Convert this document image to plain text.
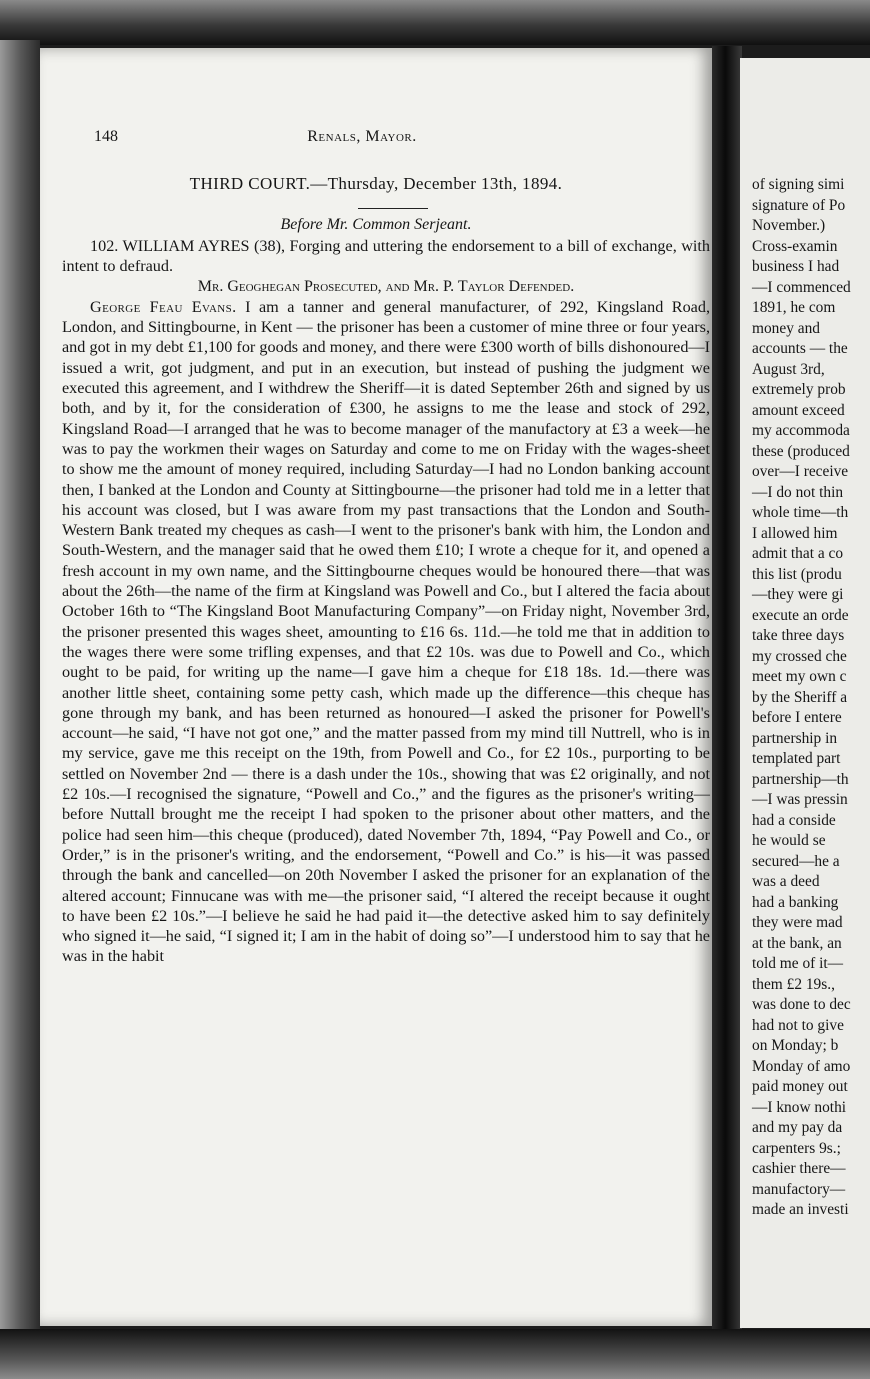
148	Renals, Mayor.
THIRD COURT.—Thursday, December 13th, 1894.
Before Mr. Common Serjeant.

102. WILLIAM AYRES (38), Forging and uttering the endorsement to a bill of exchange, with intent to defraud.

Mr. Geoghegan Prosecuted, and Mr. P. Taylor Defended.

George Feau Evans. I am a tanner and general manufacturer, of 292, Kingsland Road, London, and Sittingbourne, in Kent — the prisoner has been a customer of mine three or four years, and got in my debt £1,100 for goods and money, and there were £300 worth of bills dishonoured—I issued a writ, got judgment, and put in an execution, but instead of pushing the judgment we executed this agreement, and I withdrew the Sheriff—it is dated September 26th and signed by us both, and by it, for the consideration of £300, he assigns to me the lease and stock of 292, Kingsland Road—I arranged that he was to become manager of the manufactory at £3 a week—he was to pay the workmen their wages on Saturday and come to me on Friday with the wages-sheet to show me the amount of money required, including Saturday—I had no London banking account then, I banked at the London and County at Sittingbourne—the prisoner had told me in a letter that his account was closed, but I was aware from my past transactions that the London and South-Western Bank treated my cheques as cash—I went to the prisoner's bank with him, the London and South-Western, and the manager said that he owed them £10; I wrote a cheque for it, and opened a fresh account in my own name, and the Sittingbourne cheques would be honoured there—that was about the 26th—the name of the firm at Kingsland was Powell and Co., but I altered the facia about October 16th to “The Kingsland Boot Manufacturing Company”—on Friday night, November 3rd, the prisoner presented this wages sheet, amounting to £16 6s. 11d.—he told me that in addition to the wages there were some trifling expenses, and that £2 10s. was due to Powell and Co., which ought to be paid, for writing up the name—I gave him a cheque for £18 18s. 1d.—there was another little sheet, containing some petty cash, which made up the difference—this cheque has gone through my bank, and has been returned as honoured—I asked the prisoner for Powell's account—he said, “I have not got one,” and the matter passed from my mind till Nuttrell, who is in my service, gave me this receipt on the 19th, from Powell and Co., for £2 10s., purporting to be settled on November 2nd — there is a dash under the 10s., showing that was £2 originally, and not £2 10s.—I recognised the signature, “Powell and Co.,” and the figures as the prisoner's writing—before Nuttall brought me the receipt I had spoken to the prisoner about other matters, and the police had seen him—this cheque (produced), dated November 7th, 1894, “Pay Powell and Co., or Order,” is in the prisoner's writing, and the endorsement, “Powell and Co.” is his—it was passed through the bank and cancelled—on 20th November I asked the prisoner for an explanation of the altered account; Finnucane was with me—the prisoner said, “I altered the receipt because it ought to have been £2 10s.”—I believe he said he had paid it—the detective asked him to say definitely who signed it—he said, “I signed it; I am in the habit of doing so”—I understood him to say that he was in the habit

of signing simi
signature of Po
November.)
Cross-examin
business I had
—I commenced
1891, he com
money and
accounts — the
August 3rd,
extremely prob
amount exceed
my accommoda
these (produced
over—I receive
—I do not thin
whole time—th
I allowed him
admit that a co
this list (produ
—they were gi
execute an orde
take three days
my crossed che
meet my own c
by the Sheriff a
before I entere
partnership in
templated part
partnership—th
—I was pressin
had a conside
he would se
secured—he a
was a deed
had a banking
they were mad
at the bank, an
told me of it—
them £2 19s.,
was done to dec
had not to give
on Monday; b
Monday of amo
paid money out
—I know nothi
and my pay da
carpenters 9s.;
cashier there—
manufactory—
made an investi
